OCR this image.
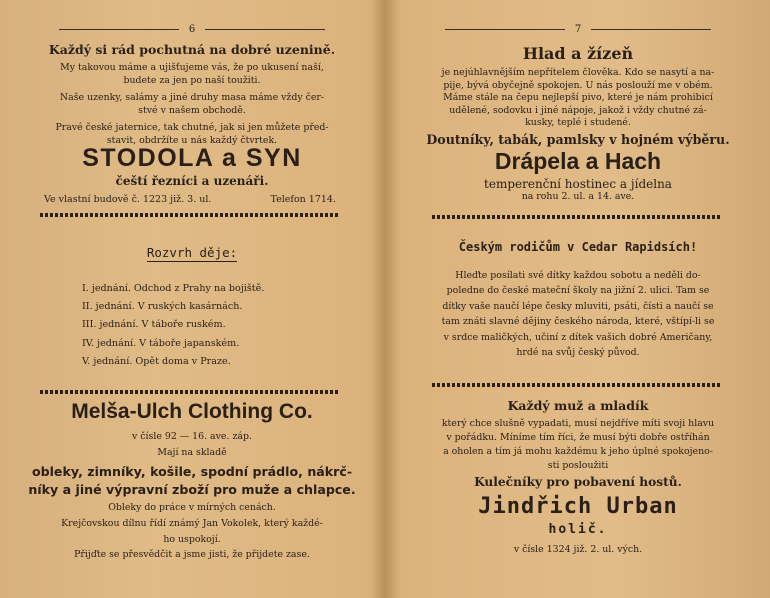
6
Každý si rád pochutná na dobré uzenině.
My takovou máme a ujišťujeme vás, že po ukusení naší,
budete za jen po naší toužiti.
Naše uzenky, salámy a jiné druhy masa máme vždy čer-
stvé v našem obchodě.
Pravé české jaternice, tak chutné, jak si jen můžete před-
stavit, obdržíte u nás každý čtvrtek.
STODOLA a SYN
čeští řezníci a uzenáři.
Ve vlastní budově č. 1223 již. 3. ul.	Telefon 1714.
Rozvrh děje:
I. jednání. Odchod z Prahy na bojiště.
II. jednání. V ruských kasárnách.
III. jednání. V táboře ruském.
IV. jednání. V táboře japanském.
V. jednání. Opět doma v Praze.
Melša-Ulch Clothing Co.
v čísle 92 — 16. ave. záp.
Mají na skladě
obleky, zimníky, košile, spodní prádlo, nákrč-
níky a jiné výpravní zboží pro muže a chlapce.
Obleky do práce v mírných cenách.
Krejčovskou dílnu řídí známý Jan Vokolek, který každé-
ho uspokojí.
Přijďte se přesvědčit a jsme jisti, že přijdete zase.
7
Hlad a žízeň
je nejúhlavnějším nepřítelem člověka. Kdo se nasytí a na-
pije, bývá obyčejně spokojen. U nás poslouží me v obém.
Máme stále na čepu nejlepší pivo, které je nám prohibicí
udělené, sodovku i jiné nápoje, jakož i vždy chutné zá-
kusky, teplé i studené.
Doutníky, tabák, pamlsky v hojném výběru.
Drápela a Hach
temperenční hostinec a jídelna
na rohu 2. ul. a 14. ave.
Českým rodičům v Cedar Rapidsích!
Hleďte posílati své dítky každou sobotu a neděli do-
poledne do české mateční školy na jižní 2. ulici. Tam se
dítky vaše naučí lépe česky mluviti, psáti, čísti a naučí se
tam znáti slavné dějiny českého národa, které, vštípí-li se
v srdce maličkých, učiní z dítek vašich dobré Američany,
hrdé na svůj český původ.
Každý muž a mladík
který chce slušně vypadati, musí nejdříve míti svoji hlavu
v pořádku. Míníme tím říci, že musí býti dobře ostříhán
a oholen a tím já mohu každému k jeho úplné spokojeno-
sti posloužiti
Kulečníky pro pobavení hostů.
Jindřich Urban
holič.
v čísle 1324 již. 2. ul. vých.
